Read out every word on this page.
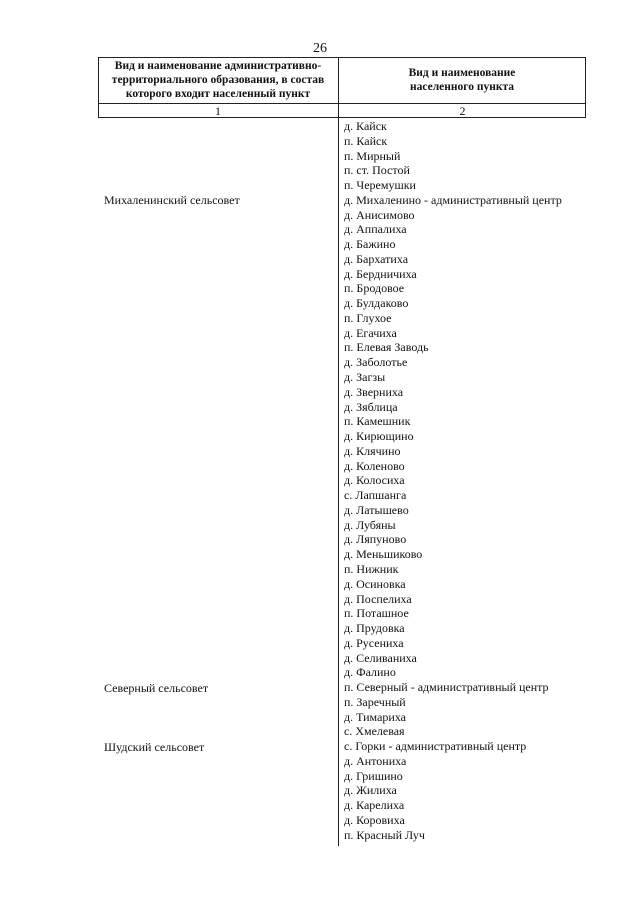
26
Вид и наименование административно-
территориального образования, в состав
которого входит населенный пункт
Вид и наименование
населенного пункта
1	2
Михаленинский сельсовет
Северный сельсовет
Шудский сельсовет
д. Кайск
п. Кайск
п. Мирный
п. ст. Постой
п. Черемушки
д. Михаленино - административный центр
д. Анисимово
д. Аппалиха
д. Бажино
д. Бархатиха
д. Бердничиха
п. Бродовое
д. Булдаково
п. Глухое
д. Егачиха
п. Елевая Заводь
д. Заболотье
д. Загзы
д. Зверниха
д. Зяблица
п. Камешник
д. Кирющино
д. Клячино
д. Коленово
д. Колосиха
с. Лапшанга
д. Латышево
д. Лубяны
д. Ляпуново
д. Меньшиково
п. Нижник
д. Осиновка
д. Поспелиха
п. Поташное
д. Прудовка
д. Русениха
д. Селиваниха
д. Фалино
п. Северный - административный центр
п. Заречный
д. Тимариха
с. Хмелевая
с. Горки - административный центр
д. Антониха
д. Гришино
д. Жилиха
д. Карелиха
д. Коровиха
п. Красный Луч
